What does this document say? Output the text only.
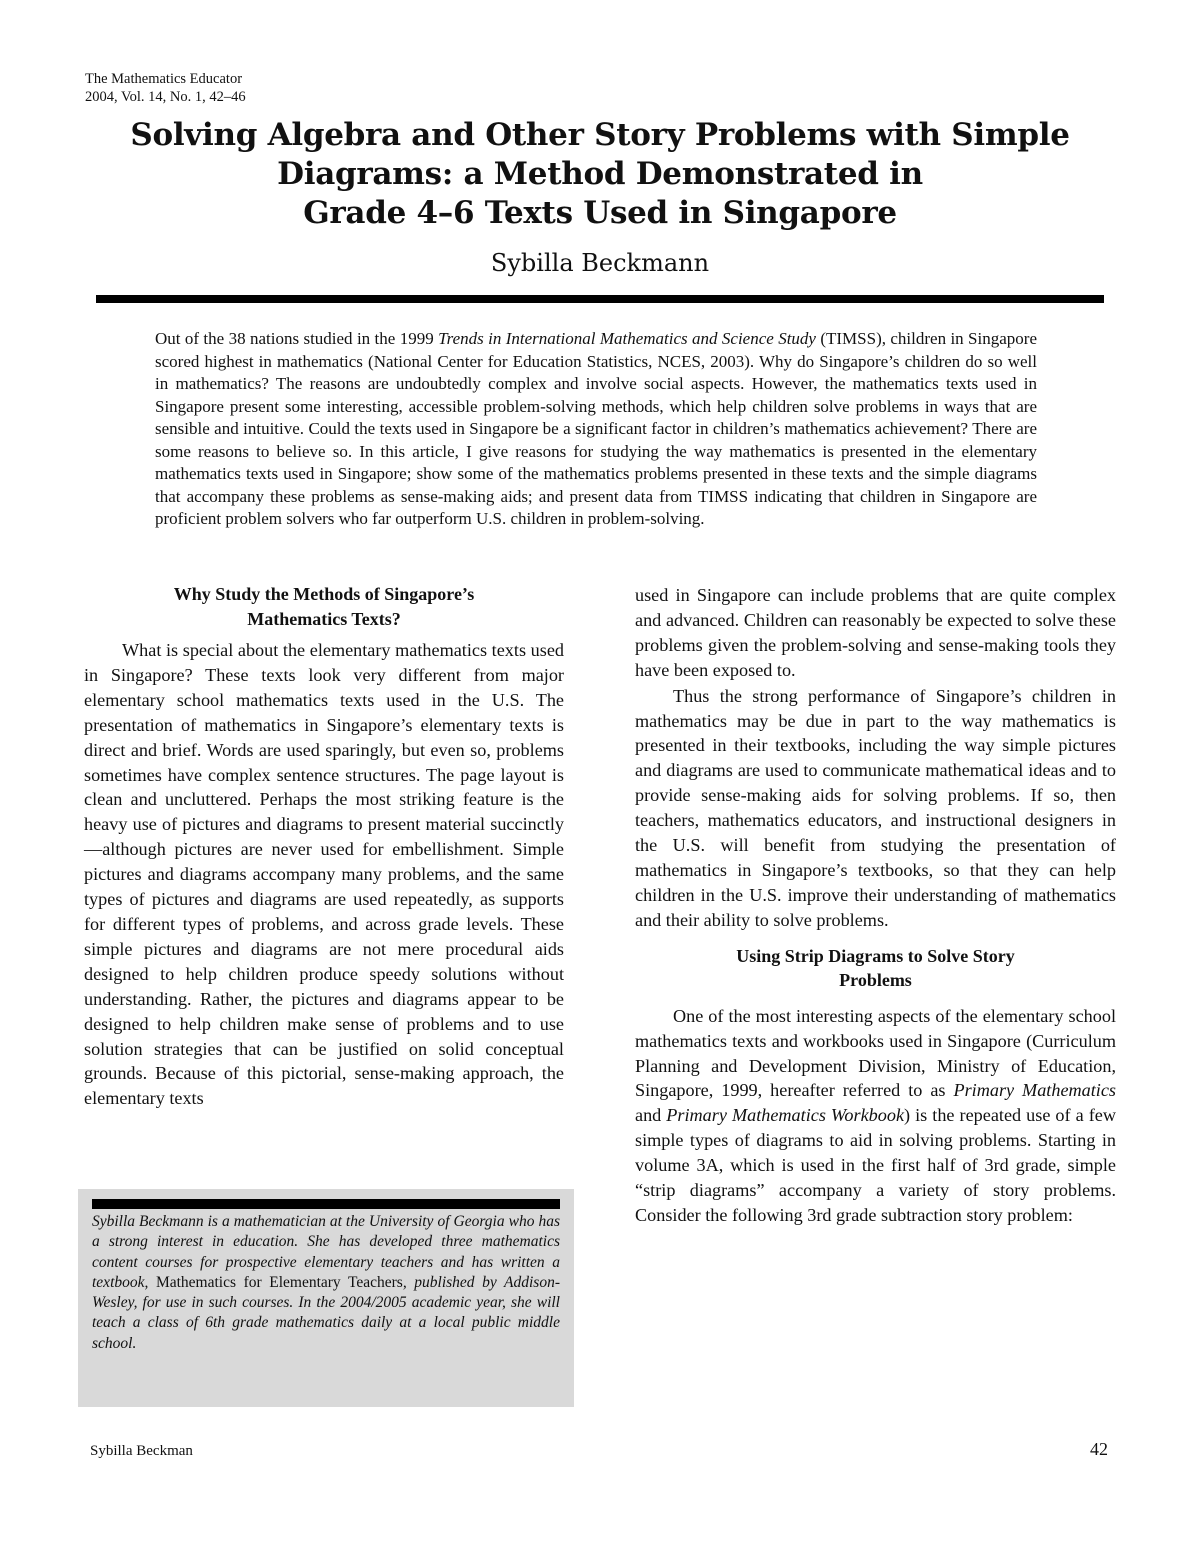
The Mathematics Educator
2004, Vol. 14, No. 1, 42–46
Solving Algebra and Other Story Problems with Simple
Diagrams: a Method Demonstrated in
Grade 4–6 Texts Used in Singapore
Sybilla Beckmann
Out of the 38 nations studied in the 1999 Trends in International Mathematics and Science Study (TIMSS), children in Singapore scored highest in mathematics (National Center for Education Statistics, NCES, 2003). Why do Singapore’s children do so well in mathematics? The reasons are undoubtedly complex and involve social aspects. However, the mathematics texts used in Singapore present some interesting, accessible problem-solving methods, which help children solve problems in ways that are sensible and intuitive. Could the texts used in Singapore be a significant factor in children’s mathematics achievement? There are some reasons to believe so. In this article, I give reasons for studying the way mathematics is presented in the elementary mathematics texts used in Singapore; show some of the mathematics problems presented in these texts and the simple diagrams that accompany these problems as sense-making aids; and present data from TIMSS indicating that children in Singapore are proficient problem solvers who far outperform U.S. children in problem-solving.
Why Study the Methods of Singapore’s
Mathematics Texts?

What is special about the elementary mathematics texts used in Singapore? These texts look very different from major elementary school mathematics texts used in the U.S. The presentation of mathematics in Singapore’s elementary texts is direct and brief. Words are used sparingly, but even so, problems sometimes have complex sentence structures. The page layout is clean and uncluttered. Perhaps the most striking feature is the heavy use of pictures and diagrams to present material succinctly—although pictures are never used for embellishment. Simple pictures and diagrams accompany many problems, and the same types of pictures and diagrams are used repeatedly, as supports for different types of problems, and across grade levels. These simple pictures and diagrams are not mere procedural aids designed to help children produce speedy solutions without understanding. Rather, the pictures and diagrams appear to be designed to help children make sense of problems and to use solution strategies that can be justified on solid conceptual grounds. Because of this pictorial, sense-making approach, the elementary texts

used in Singapore can include problems that are quite complex and advanced. Children can reasonably be expected to solve these problems given the problem-solving and sense-making tools they have been exposed to.

Thus the strong performance of Singapore’s children in mathematics may be due in part to the way mathematics is presented in their textbooks, including the way simple pictures and diagrams are used to communicate mathematical ideas and to provide sense-making aids for solving problems. If so, then teachers, mathematics educators, and instructional designers in the U.S. will benefit from studying the presentation of mathematics in Singapore’s textbooks, so that they can help children in the U.S. improve their understanding of mathematics and their ability to solve problems.

Using Strip Diagrams to Solve Story
Problems

One of the most interesting aspects of the elementary school mathematics texts and workbooks used in Singapore (Curriculum Planning and Development Division, Ministry of Education, Singapore, 1999, hereafter referred to as Primary Mathematics and Primary Mathematics Workbook) is the repeated use of a few simple types of diagrams to aid in solving problems. Starting in volume 3A, which is used in the first half of 3rd grade, simple “strip diagrams” accompany a variety of story problems. Consider the following 3rd grade subtraction story problem:

Sybilla Beckmann is a mathematician at the University of Georgia who has a strong interest in education. She has developed three mathematics content courses for prospective elementary teachers and has written a textbook, Mathematics for Elementary Teachers, published by Addison-Wesley, for use in such courses. In the 2004/2005 academic year, she will teach a class of 6th grade mathematics daily at a local public middle school.
Sybilla Beckman	42
